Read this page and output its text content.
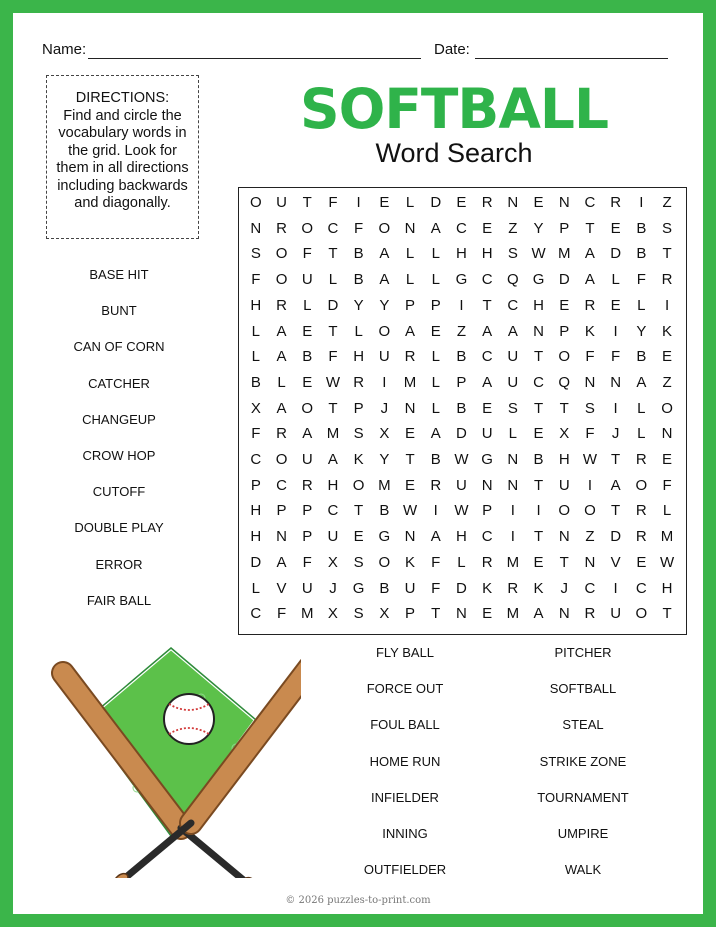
Name:	Date:
DIRECTIONS:
Find and circle the vocabulary words in the grid. Look for them in all directions including backwards and diagonally.
SOFTBALL
Word Search
O U	T	F	I	E	L	D	E	R N	E	N C R	I	Z
N R O C	F	O N	A	C	E	Z	Y	P	T	E	B	S
S O	F	T	B	A	L	L	H H	S W M A	D	B	T
F	O U	L	B	A	L	L	G C Q G D	A	L	F	R
H R	L	D	Y	Y	P	P	I	T	C H	E	R	E	L	I
L	A	E	T	L	O A	E	Z	A	A	N	P	K	I	Y	K
L	A	B	F	H U R	L	B	C U	T	O	F	F	B	E
B	L	E W R	I	M	L	P	A	U C Q N N	A	Z
X	A O	T	P	J	N	L	B	E	S	T	T	S	I	L	O
F	R	A M S	X	E	A	D U	L	E	X	F	J	L	N
C O U	A	K	Y	T	B W G N	B	H W T	R	E
P	C R H O M E	R U N N	T	U	I	A O	F
H	P	P	C	T	B W	I	W P	I	I	O O	T	R	L
H N	P	U	E G N	A	H C	I	T	N	Z	D R M
D	A	F	X	S O K	F	L	R M E	T	N	V	E W
L	V	U	J	G B	U	F	D	K	R	K	J	C	I	C H
C	F M X	S	X	P	T	N	E M A	N R U O	T
BASE HIT
BUNT
CAN OF CORN
CATCHER
CHANGEUP
CROW HOP
CUTOFF
DOUBLE PLAY
ERROR
FAIR BALL
FLY BALL
FORCE OUT
FOUL BALL
HOME RUN
INFIELDER
INNING
OUTFIELDER
PITCHER
SOFTBALL
STEAL
STRIKE ZONE
TOURNAMENT
UMPIRE
WALK
© 2026 puzzles-to-print.com
